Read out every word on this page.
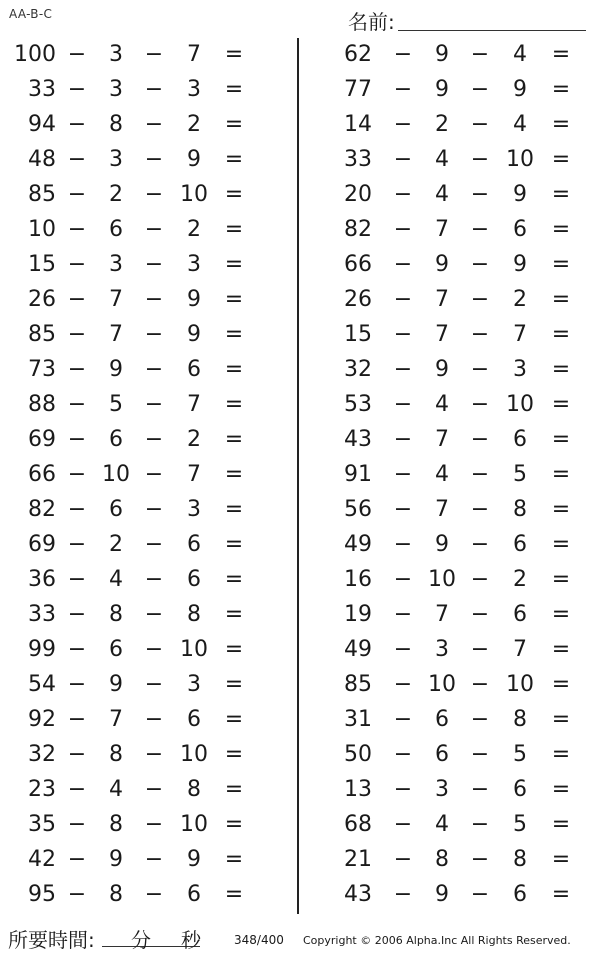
AA-B-C	名前:
100 −	3 −	7	=
33 −	3 −	3	=
94 −	8 −	2	=
48 −	3 −	9	=
85 −	2 − 10 =
10 −	6 −	2	=
15 −	3 −	3	=
26 −	7 −	9	=
85 −	7 −	9	=
73 −	9 −	6	=
88 −	5 −	7	=
69 −	6 −	2	=
66 − 10 −	7	=
82 −	6 −	3	=
69 −	2 −	6	=
36 −	4 −	6	=
33 −	8 −	8	=
99 −	6 − 10 =
54 −	9 −	3	=
92 −	7 −	6	=
32 −	8 − 10 =
23 −	4 −	8	=
35 −	8 − 10 =
42 −	9 −	9	=
95 −	8 −	6	=
62 −	9 −	4	=
77 −	9 −	9	=
14 −	2 −	4	=
33 −	4 − 10 =
20 −	4 −	9	=
82 −	7 −	6	=
66 −	9 −	9	=
26 −	7 −	2	=
15 −	7 −	7	=
32 −	9 −	3	=
53 −	4 − 10 =
43 −	7 −	6	=
91 −	4 −	5	=
56 −	7 −	8	=
49 −	9 −	6	=
16 − 10 −	2	=
19 −	7 −	6	=
49 −	3 −	7	=
85 − 10 − 10 =
31 −	6 −	8	=
50 −	6 −	5	=
13 −	3 −	6	=
68 −	4 −	5	=
21 −	8 −	8	=
43 −	9 −	6	=
所要時間: 分 秒	348/400 Copyright © 2006 Alpha.Inc All Rights Reserved.
